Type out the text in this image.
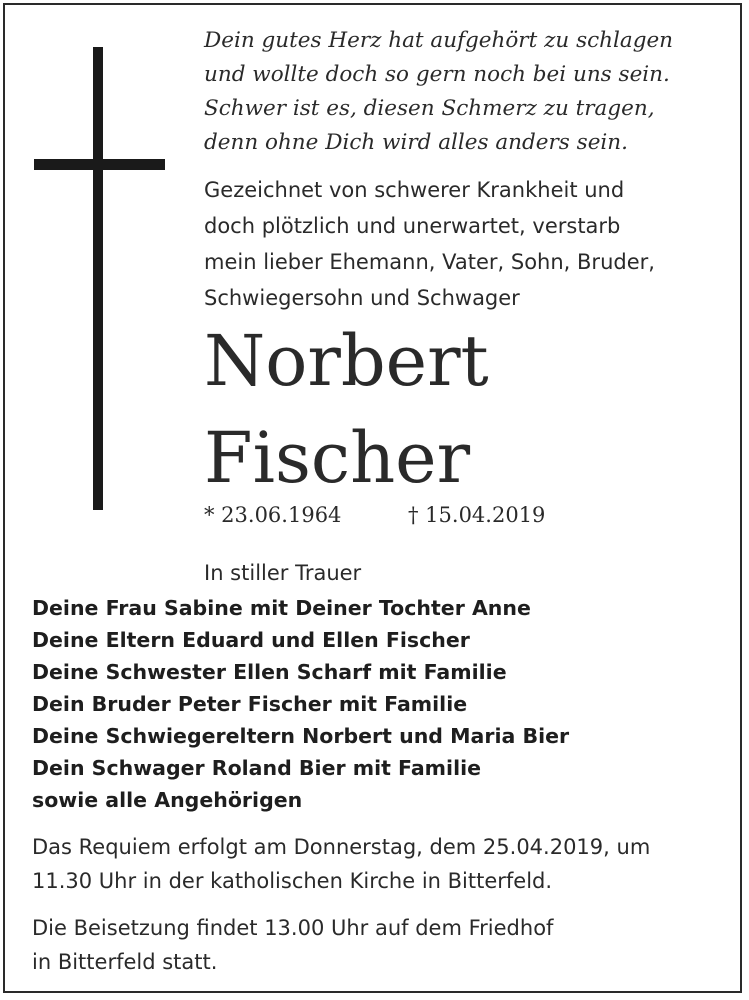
Dein gutes Herz hat aufgehört zu schlagen
und wollte doch so gern noch bei uns sein.
Schwer ist es, diesen Schmerz zu tragen,
denn ohne Dich wird alles anders sein.
Gezeichnet von schwerer Krankheit und
doch plötzlich und unerwartet, verstarb
mein lieber Ehemann, Vater, Sohn, Bruder,
Schwiegersohn und Schwager
Norbert
Fischer
* 23.06.1964	† 15.04.2019
In stiller Trauer
Deine Frau Sabine mit Deiner Tochter Anne
Deine Eltern Eduard und Ellen Fischer
Deine Schwester Ellen Scharf mit Familie
Dein Bruder Peter Fischer mit Familie
Deine Schwiegereltern Norbert und Maria Bier
Dein Schwager Roland Bier mit Familie
sowie alle Angehörigen
Das Requiem erfolgt am Donnerstag, dem 25.04.2019, um
11.30 Uhr in der katholischen Kirche in Bitterfeld.
Die Beisetzung findet 13.00 Uhr auf dem Friedhof
in Bitterfeld statt.
